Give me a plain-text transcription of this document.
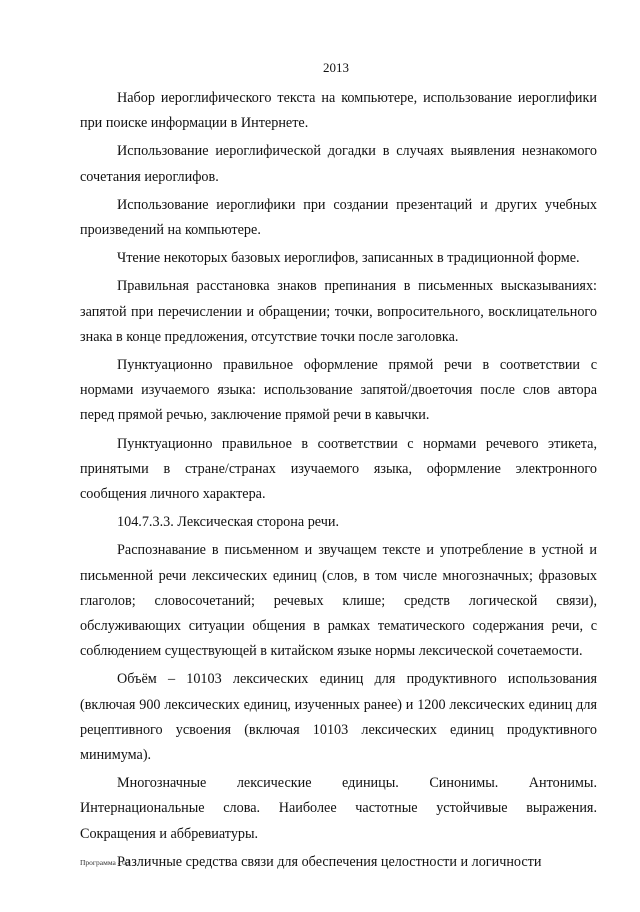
2013

Набор иероглифического текста на компьютере, использование иероглифики при поиске информации в Интернете.

Использование иероглифической догадки в случаях выявления незнакомого сочетания иероглифов.

Использование иероглифики при создании презентаций и других учебных произведений на компьютере.

Чтение некоторых базовых иероглифов, записанных в традиционной форме.

Правильная расстановка знаков препинания в письменных высказываниях: запятой при перечислении и обращении; точки, вопросительного, восклицательного знака в конце предложения, отсутствие точки после заголовка.

Пунктуационно правильное оформление прямой речи в соответствии с нормами изучаемого языка: использование запятой/двоеточия после слов автора перед прямой речью, заключение прямой речи в кавычки.

Пунктуационно правильное в соответствии с нормами речевого этикета, принятыми в стране/странах изучаемого языка, оформление электронного сообщения личного характера.

104.7.3.3. Лексическая сторона речи.

Распознавание в письменном и звучащем тексте и употребление в устной и письменной речи лексических единиц (слов, в том числе многозначных; фразовых глаголов; словосочетаний; речевых клише; средств логической связи), обслуживающих ситуации общения в рамках тематического содержания речи, с соблюдением существующей в китайском языке нормы лексической сочетаемости.

Объём – 10103 лексических единиц для продуктивного использования (включая 900 лексических единиц, изученных ранее) и 1200 лексических единиц для рецептивного усвоения (включая 10103 лексических единиц продуктивного минимума).

Многозначные лексические единицы. Синонимы. Антонимы. Интернациональные слова. Наиболее частотные устойчивые выражения. Сокращения и аббревиатуры.

Различные средства связи для обеспечения целостности и логичности

Программа - 03
